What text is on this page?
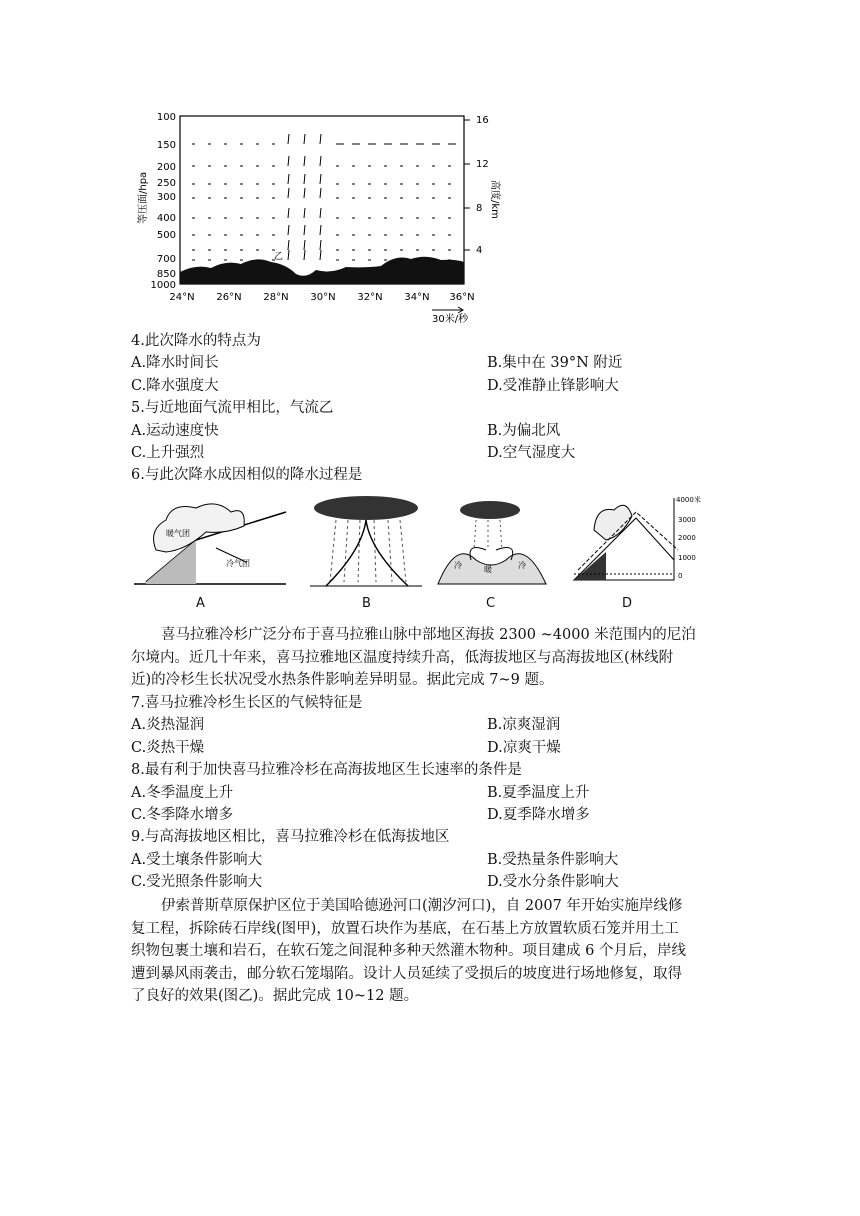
100
150
200
250
300
400
500
700
850
1000
等压面/hpa
16
12
8
4
高度/km
24°N 26°N 28°N 30°N 32°N 34°N 36°N
30米/秒
乙
甲
4.此次降水的特点为
A.降水时间长	B.集中在 39°N 附近
C.降水强度大	D.受准静止锋影响大
5.与近地面气流甲相比，气流乙
A.运动速度快	B.为偏北风
C.上升强烈	D.空气湿度大
6.与此次降水成因相似的降水过程是
暖气团
冷气团	冷	暖	冷
4000米
3000
2000
1000
0
A	B	C	D
喜马拉雅冷杉广泛分布于喜马拉雅山脉中部地区海拔 2300 ~4000 米范围内的尼泊
尔境内。近几十年来，喜马拉雅地区温度持续升高，低海拔地区与高海拔地区(林线附
近)的冷杉生长状况受水热条件影响差异明显。据此完成 7~9 题。
7.喜马拉雅冷杉生长区的气候特征是
A.炎热湿润	B.凉爽湿润
C.炎热干燥	D.凉爽干燥
8.最有利于加快喜马拉雅冷杉在高海拔地区生长速率的条件是
A.冬季温度上升	B.夏季温度上升
C.冬季降水增多	D.夏季降水增多
9.与高海拔地区相比，喜马拉雅冷杉在低海拔地区
A.受土壤条件影响大	B.受热量条件影响大
C.受光照条件影响大	D.受水分条件影响大
伊索普斯草原保护区位于美国哈德逊河口(潮汐河口)，自 2007 年开始实施岸线修
复工程，拆除砖石岸线(图甲)，放置石块作为基底，在石基上方放置软质石笼并用土工
织物包裹土壤和岩石，在软石笼之间混种多种天然灌木物种。项目建成 6 个月后，岸线
遭到暴风雨袭击，邮分软石笼塌陷。设计人员延续了受损后的坡度进行场地修复，取得
了良好的效果(图乙)。据此完成 10~12 题。
